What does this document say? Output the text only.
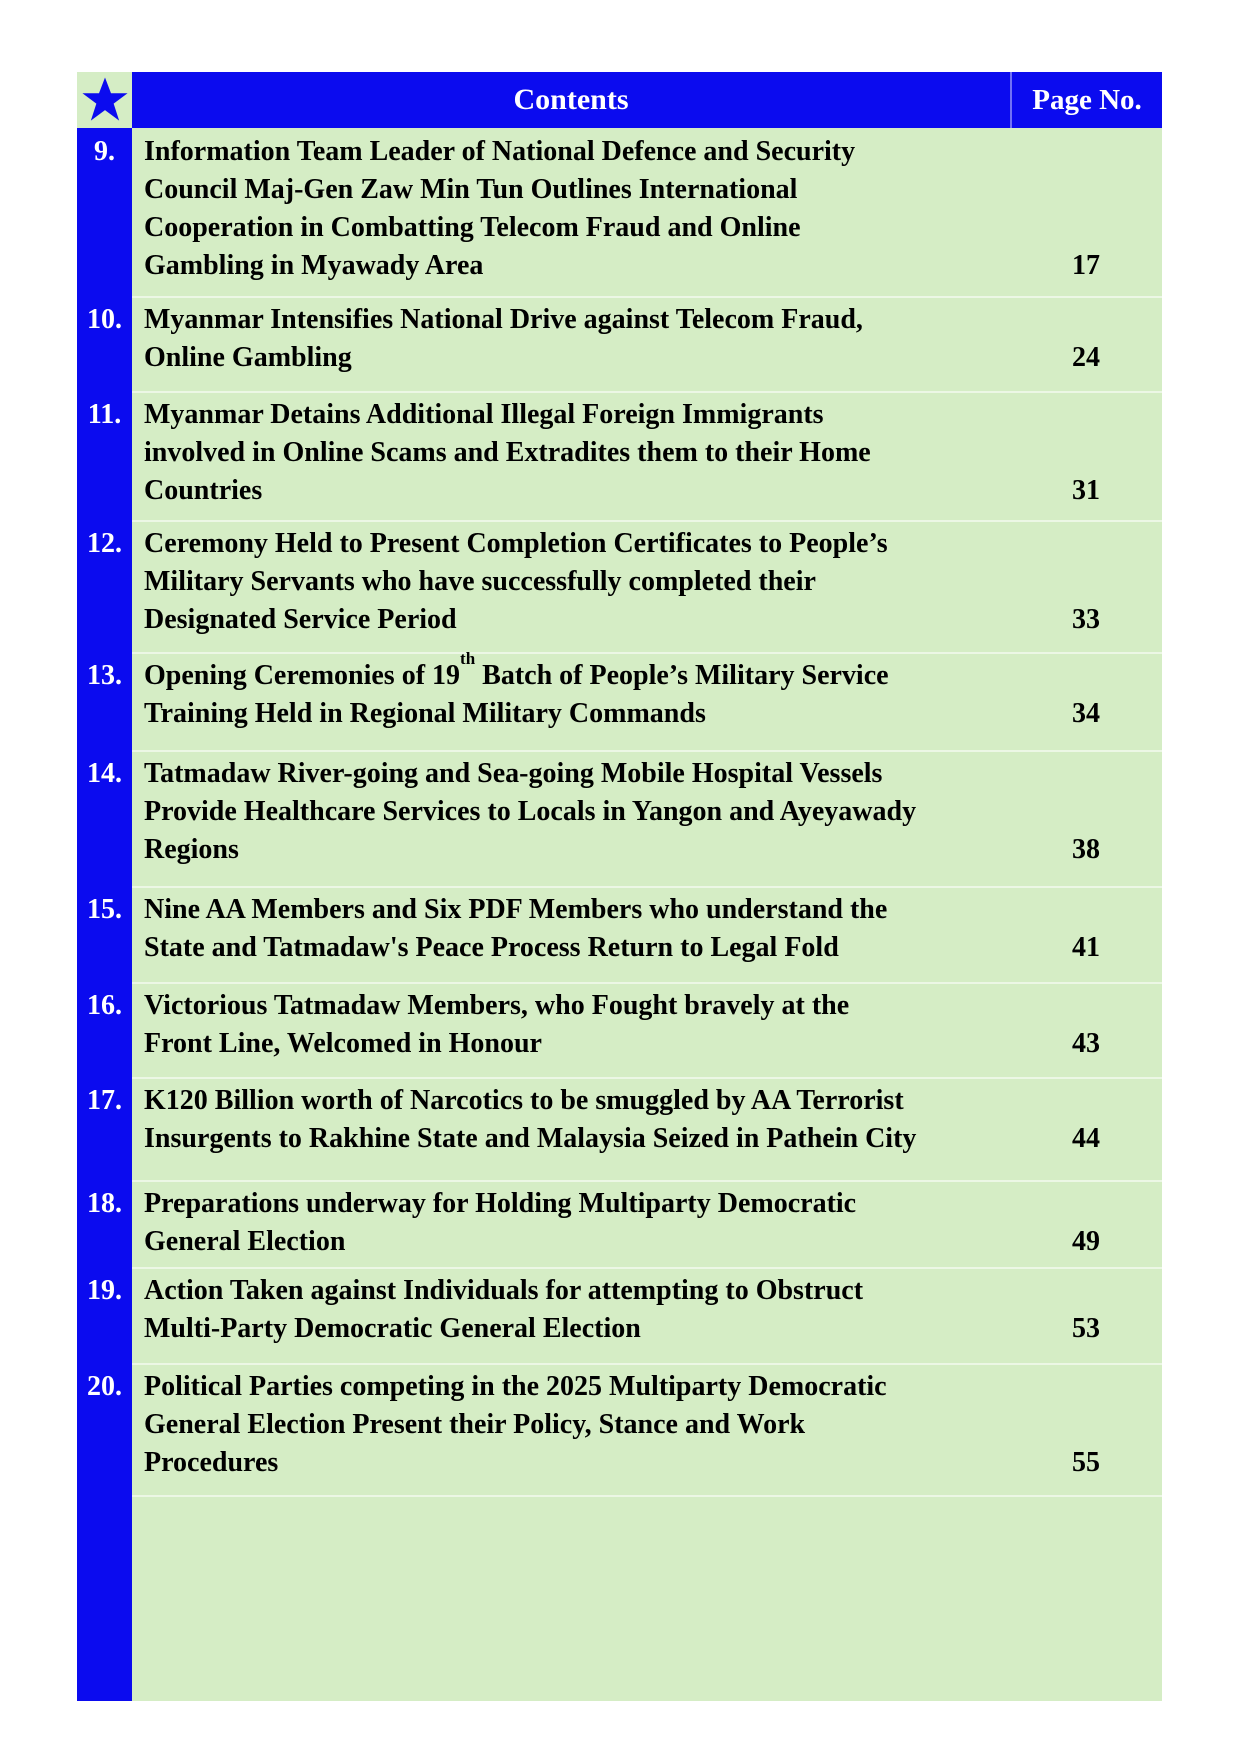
Contents	Page No.
9.	Information Team Leader of National Defence and Security
Council Maj-Gen Zaw Min Tun Outlines International
Cooperation in Combatting Telecom Fraud and Online
Gambling in Myawady Area	17
10. Myanmar Intensifies National Drive against Telecom Fraud,
Online Gambling	24
11. Myanmar Detains Additional Illegal Foreign Immigrants
involved in Online Scams and Extradites them to their Home
Countries	31
12. Ceremony Held to Present Completion Certificates to People’s
Military Servants who have successfully completed their
Designated Service Period	33
13. Opening Ceremonies of 19th Batch of People’s Military Service
Training Held in Regional Military Commands	34
14. Tatmadaw River-going and Sea-going Mobile Hospital Vessels
Provide Healthcare Services to Locals in Yangon and Ayeyawady
Regions	38
15. Nine AA Members and Six PDF Members who understand the
State and Tatmadaw's Peace Process Return to Legal Fold	41
16. Victorious Tatmadaw Members, who Fought bravely at the
Front Line, Welcomed in Honour	43
17. K120 Billion worth of Narcotics to be smuggled by AA Terrorist
Insurgents to Rakhine State and Malaysia Seized in Pathein City	44
18. Preparations underway for Holding Multiparty Democratic
General Election	49
19. Action Taken against Individuals for attempting to Obstruct
Multi-Party Democratic General Election	53
20. Political Parties competing in the 2025 Multiparty Democratic
General Election Present their Policy, Stance and Work
Procedures	55
